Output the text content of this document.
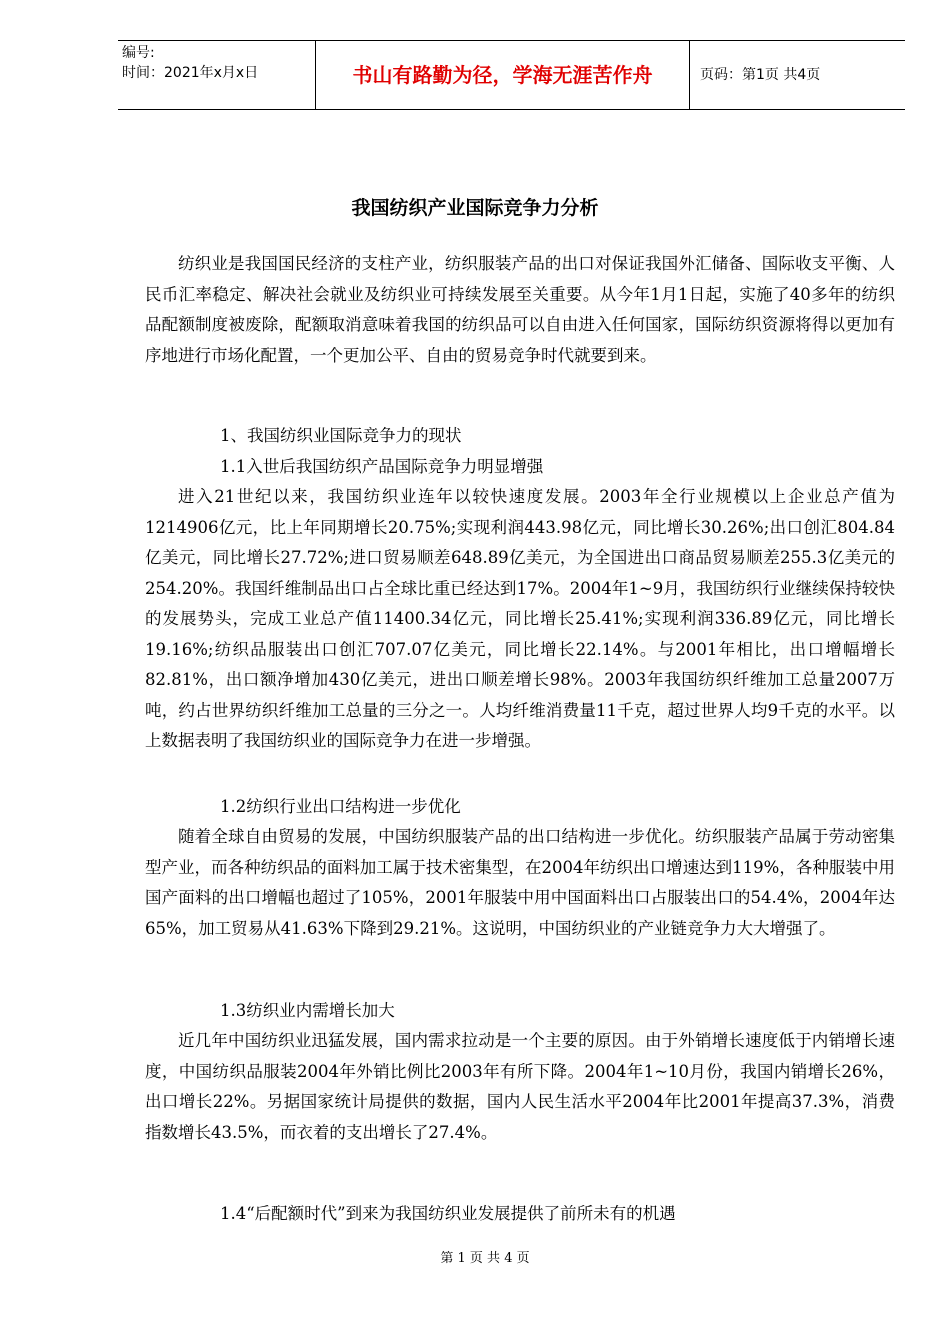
编号:
时间：2021年x月x日	书山有路勤为径，学海无涯苦作舟	页码：第1页 共4页
我国纺织产业国际竞争力分析

纺织业是我国国民经济的支柱产业，纺织服装产品的出口对保证我国外汇储备、国际收支平衡、人民币汇率稳定、解决社会就业及纺织业可持续发展至关重要。从今年1月1日起，实施了40多年的纺织品配额制度被废除，配额取消意味着我国的纺织品可以自由进入任何国家，国际纺织资源将得以更加有序地进行市场化配置，一个更加公平、自由的贸易竞争时代就要到来。

1、我国纺织业国际竞争力的现状

1.1入世后我国纺织产品国际竞争力明显增强

进入21世纪以来，我国纺织业连年以较快速度发展。2003年全行业规模以上企业总产值为1214906亿元，比上年同期增长20.75%;实现利润443.98亿元，同比增长30.26%;出口创汇804.84亿美元，同比增长27.72%;进口贸易顺差648.89亿美元，为全国进出口商品贸易顺差255.3亿美元的254.20%。我国纤维制品出口占全球比重已经达到17%。2004年1~9月，我国纺织行业继续保持较快的发展势头，完成工业总产值11400.34亿元，同比增长25.41%;实现利润336.89亿元，同比增长19.16%;纺织品服装出口创汇707.07亿美元，同比增长22.14%。与2001年相比，出口增幅增长82.81%，出口额净增加430亿美元，进出口顺差增长98%。2003年我国纺织纤维加工总量2007万吨，约占世界纺织纤维加工总量的三分之一。人均纤维消费量11千克，超过世界人均9千克的水平。以上数据表明了我国纺织业的国际竞争力在进一步增强。

1.2纺织行业出口结构进一步优化

随着全球自由贸易的发展，中国纺织服装产品的出口结构进一步优化。纺织服装产品属于劳动密集型产业，而各种纺织品的面料加工属于技术密集型，在2004年纺织出口增速达到119%，各种服装中用国产面料的出口增幅也超过了105%，2001年服装中用中国面料出口占服装出口的54.4%，2004年达65%，加工贸易从41.63%下降到29.21%。这说明，中国纺织业的产业链竞争力大大增强了。

1.3纺织业内需增长加大

近几年中国纺织业迅猛发展，国内需求拉动是一个主要的原因。由于外销增长速度低于内销增长速度，中国纺织品服装2004年外销比例比2003年有所下降。2004年1~10月份，我国内销增长26%，出口增长22%。另据国家统计局提供的数据，国内人民生活水平2004年比2001年提高37.3%，消费指数增长43.5%，而衣着的支出增长了27.4%。

1.4“后配额时代”到来为我国纺织业发展提供了前所未有的机遇

第 1 页 共 4 页
